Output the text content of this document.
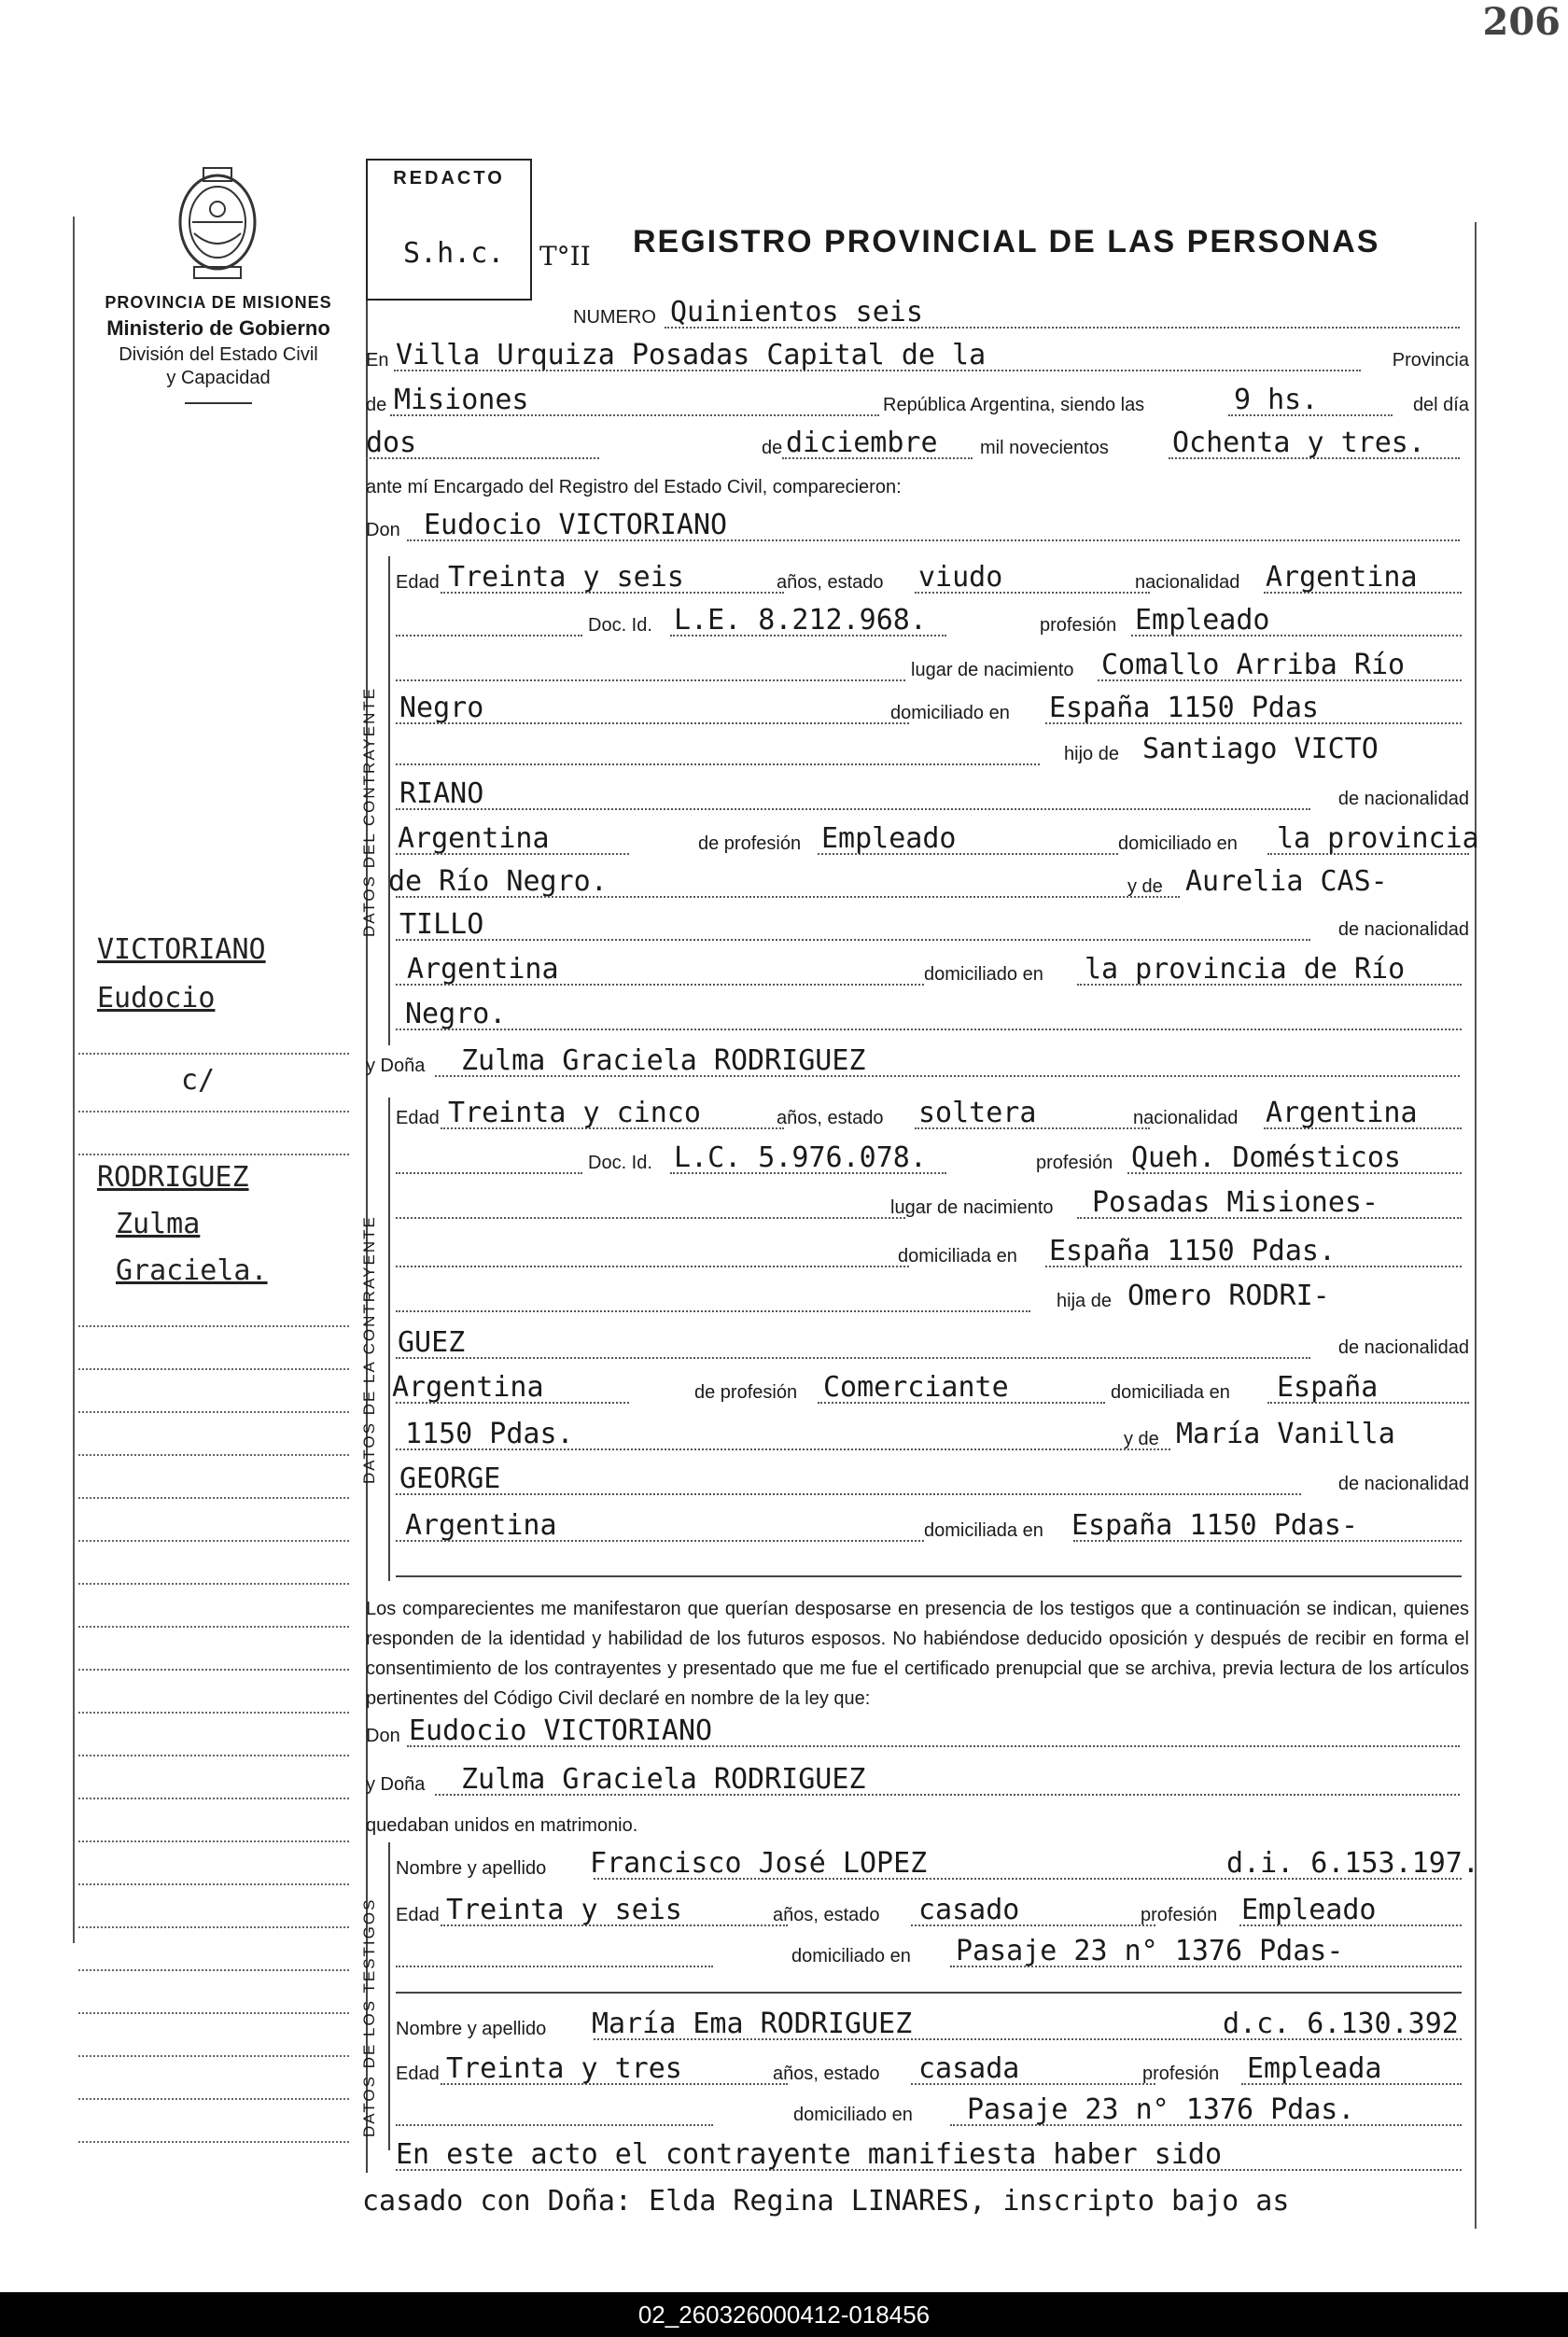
206
PROVINCIA DE MISIONES
Ministerio de Gobierno
División del Estado Civil
y Capacidad
REDACTO
S.h.c. T°II REGISTRO PROVINCIAL DE LAS PERSONAS
NUMERO Quinientos seis
En Villa Urquiza Posadas Capital de la	Provincia
de Misiones	República Argentina, siendo las	9 hs.	del día
dos	de diciembre mil novecientos Ochenta y tres.
ante mí Encargado del Registro del Estado Civil, comparecieron:
Don Eudocio VICTORIANO
DATOS DEL CONTRAYENTE
Edad Treinta y seis	años, estado viudo	nacionalidad Argentina
Doc. Id. L.E. 8.212.968.	profesión Empleado
lugar de nacimiento Comallo Arriba Río
Negro	domiciliado en España 1150 Pdas
hijo de Santiago VICTO
RIANO	de nacionalidad
Argentina	de profesión Empleado	domiciliado en la provincia
de Río Negro.	y de Aurelia CAS-
TILLO	de nacionalidad
Argentina	domiciliado en la provincia de Río
Negro.
y Doña Zulma Graciela RODRIGUEZ
DATOS DE LA CONTRAYENTE
Edad Treinta y cinco	años, estado soltera	nacionalidad Argentina
Doc. Id. L.C. 5.976.078.	profesión Queh. Domésticos
lugar de nacimiento Posadas Misiones-
domiciliada en España 1150 Pdas.
hija de Omero RODRI-
GUEZ	de nacionalidad
Argentina	de profesión Comerciante	domiciliada en España
1150 Pdas.	y de María Vanilla
GEORGE	de nacionalidad
Argentina	domiciliada en España 1150 Pdas-
Los comparecientes me manifestaron que querían desposarse en presencia de los testigos que a continuación se indican, quienes responden de la identidad y habilidad de los futuros esposos. No habiéndose deducido oposición y después de recibir en forma el consentimiento de los contrayentes y presentado que me fue el certificado prenupcial que se archiva, previa lectura de los artículos pertinentes del Código Civil declaré en nombre de la ley que:
Don Eudocio VICTORIANO
y Doña Zulma Graciela RODRIGUEZ
quedaban unidos en matrimonio.
DATOS DE LOS TESTIGOS
Nombre y apellido Francisco José LOPEZ	d.i. 6.153.197.
Edad Treinta y seis	años, estado casado	profesión Empleado
domiciliado en Pasaje 23 n° 1376 Pdas-
Nombre y apellido María Ema RODRIGUEZ	d.c. 6.130.392
Edad Treinta y tres	años, estado casada	profesión Empleada
domiciliado en Pasaje 23 n° 1376 Pdas.
En este acto el contrayente manifiesta haber sido
casado con Doña: Elda Regina LINARES, inscripto bajo as
VICTORIANO
Eudocio
c/
RODRIGUEZ
Zulma
Graciela.
02_260326000412-018456
